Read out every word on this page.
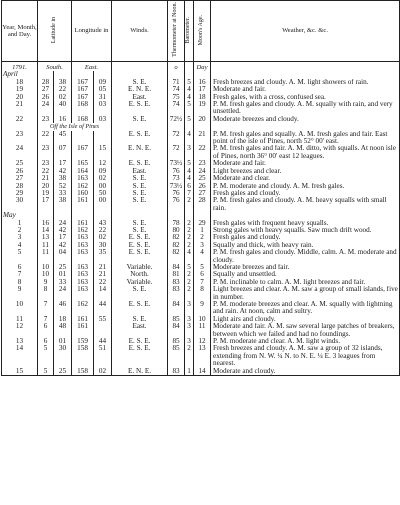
Year, Month, and Day.	Latitude in		Longitude in		Winds.	Thermometer at Noon.	Barometer.	Moon's Age.	Weather, &c. &c.
1791.	South.		East.			o		Day	
April									
18	28	38	167	09	S. E.	71	5	16	Fresh breezes and cloudy. A. M. light showers of rain.
19	27	22	167	05	E. N. E.	74	4	17	Moderate and fair.
20	26	02	167	31	East.	75	4	18	Fresh gales, with a cross, confused sea.
21	24	40	168	03	E. S. E.	74	5	19	P. M. fresh gales and cloudy. A. M. squally with rain, and very unsettled.
22	23	16	168	03	S. E.	72½	5	20	Moderate breezes and cloudy.
	Off the Isle of Pines								
23	22	45			E. S. E.	72	4	21	P. M. fresh gales and squally. A. M. fresh gales and fair. East point of the isle of Pines, north 52° 00' east.
24	23	07	167	15	E. N. E.	72	3	22	P. M. fresh gales and fair. A. M. ditto, with squalls. At noon isle of Pines, north 36° 00' east 12 leagues.
25	23	17	165	12	E. S. E.	73½	5	23	Moderate and fair.
26	22	42	164	09	East.	76	4	24	Light breezes and clear.
27	21	38	163	02	S. E.	73	4	25	Moderate and clear.
28	20	52	162	00	S. E.	73½	6	26	P. M. moderate and cloudy. A. M. fresh gales.
29	19	33	160	50	S. E.	76	7	27	Fresh gales and cloudy.
30	17	38	161	00	S. E.	76	2	28	P. M. fresh gales and cloudy. A. M. heavy squalls with small rain.
May									
1	16	24	161	43	S. E.	78	2	29	Fresh gales with frequent heavy squalls.
2	14	42	162	22	S. E.	80	2	1	Strong gales with heavy squalls. Saw much drift wood.
3	13	17	163	02	E. S. E.	82	2	2	Fresh gales and cloudy.
4	11	42	163	30	E. S. E.	82	2	3	Squally and thick, with heavy rain.
5	11	04	163	35	E. S. E.	82	4	4	P. M. fresh gales and cloudy. Middle, calm. A. M. moderate and cloudy.
6	10	25	163	21	Variable.	84	5	5	Moderate breezes and fair.
7	10	01	163	21	North.	81	2	6	Squally and unsettled.
8	9	33	163	22	Variable.	83	2	7	P. M. inclinable to calm. A. M. light breezes and fair.
9	8	24	163	14	S. E.	83	2	8	Light breezes and clear. A. M. saw a group of small islands, five in number.
10	7	46	162	44	E. S. E.	84	3	9	P. M. moderate breezes and clear. A. M. squally with lightning and rain. At noon, calm and sultry.
11	7	18	161	55	S. E.	85	3	10	Light airs and cloudy.
12	6	48	161		East.	84	3	11	Moderate and fair. A. M. saw several large patches of breakers, between which we failed and had no foundings.
13	6	01	159	44	E. S. E.	85	3	12	P. M. moderate and clear. A. M. light winds.
14	5	30	158	51	E. S. E.	85	2	13	Fresh breezes and cloudy. A. M. saw a group of 32 islands, extending from N. W. ¼ N. to N. E. ¼ E. 3 leagues from nearest.
15	5	25	158	02	E. N. E.	83	1	14	Moderate and cloudy.
